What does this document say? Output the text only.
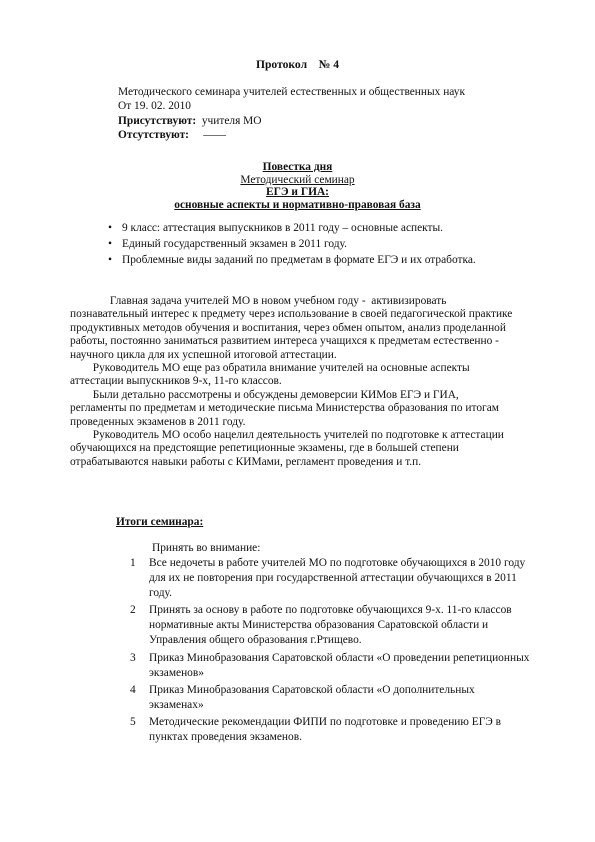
Протокол    № 4
Методического семинара учителей естественных и общественных наук
От 19. 02. 2010
Присутствуют:  учителя МО
Отсутствуют:     ——
Повестка дня
Методический семинар
ЕГЭ и ГИА:
основные аспекты и нормативно-правовая база
• 9 класс: аттестация выпускников в 2011 году – основные аспекты.
• Единый государственный экзамен в 2011 году.
• Проблемные виды заданий по предметам в формате ЕГЭ и их отработка.
Главная задача учителей МО в новом учебном году -  активизировать
познавательный интерес к предмету через использование в своей педагогической практике
продуктивных методов обучения и воспитания, через обмен опытом, анализ проделанной
работы, постоянно заниматься развитием интереса учащихся к предметам естественно -
научного цикла для их успешной итоговой аттестации.
Руководитель МО еще раз обратила внимание учителей на основные аспекты
аттестации выпускников 9-х, 11-го классов.
Были детально рассмотрены и обсуждены демоверсии КИМов ЕГЭ и ГИА,
регламенты по предметам и методические письма Министерства образования по итогам
проведенных экзаменов в 2011 году.
Руководитель МО особо нацелил деятельность учителей по подготовке к аттестации
обучающихся на предстоящие репетиционные экзамены, где в большей степени
отрабатываются навыки работы с КИМами, регламент проведения и т.п.
Итоги семинара:
Принять во внимание:
1 Все недочеты в работе учителей МО по подготовке обучающихся в 2010 году
для их не повторения при государственной аттестации обучающихся в 2011
году.
2 Принять за основу в работе по подготовке обучающихся 9-х. 11-го классов
нормативные акты Министерства образования Саратовской области и
Управления общего образования г.Ртищево.
3 Приказ Минобразования Саратовской области «О проведении репетиционных
экзаменов»
4 Приказ Минобразования Саратовской области «О дополнительных
экзаменах»
5 Методические рекомендации ФИПИ по подготовке и проведению ЕГЭ в
пунктах проведения экзаменов.
